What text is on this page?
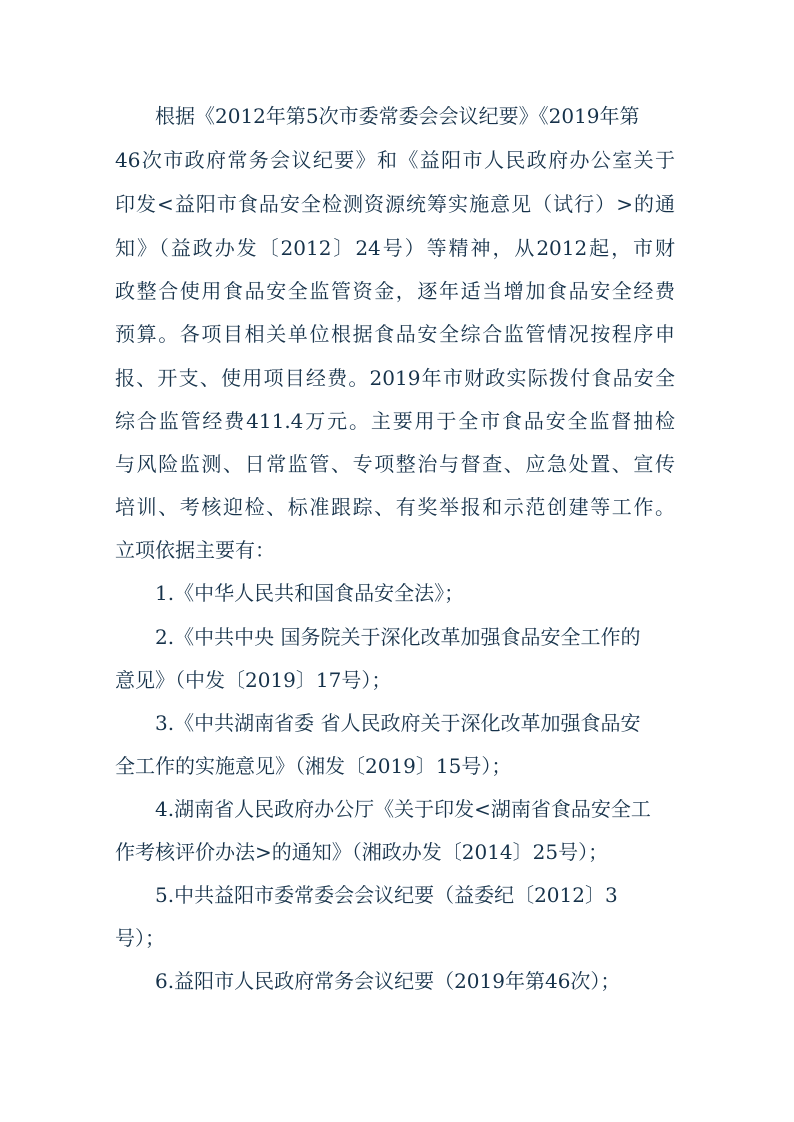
根据《2012年第5次市委常委会会议纪要》《2019年第
46次市政府常务会议纪要》和《益阳市人民政府办公室关于
印发<益阳市食品安全检测资源统筹实施意见（试行）>的通
知》（益政办发〔2012〕24号）等精神，从2012起，市财
政整合使用食品安全监管资金，逐年适当增加食品安全经费
预算。各项目相关单位根据食品安全综合监管情况按程序申
报、开支、使用项目经费。2019年市财政实际拨付食品安全
综合监管经费411.4万元。主要用于全市食品安全监督抽检
与风险监测、日常监管、专项整治与督查、应急处置、宣传
培训、考核迎检、标准跟踪、有奖举报和示范创建等工作。
立项依据主要有：
1.《中华人民共和国食品安全法》；
2.《中共中央 国务院关于深化改革加强食品安全工作的
意见》（中发〔2019〕17号）；
3.《中共湖南省委 省人民政府关于深化改革加强食品安
全工作的实施意见》（湘发〔2019〕15号）；
4.湖南省人民政府办公厅《关于印发<湖南省食品安全工
作考核评价办法>的通知》（湘政办发〔2014〕25号）；
5.中共益阳市委常委会会议纪要（益委纪〔2012〕3
号）；
6.益阳市人民政府常务会议纪要（2019年第46次）；
